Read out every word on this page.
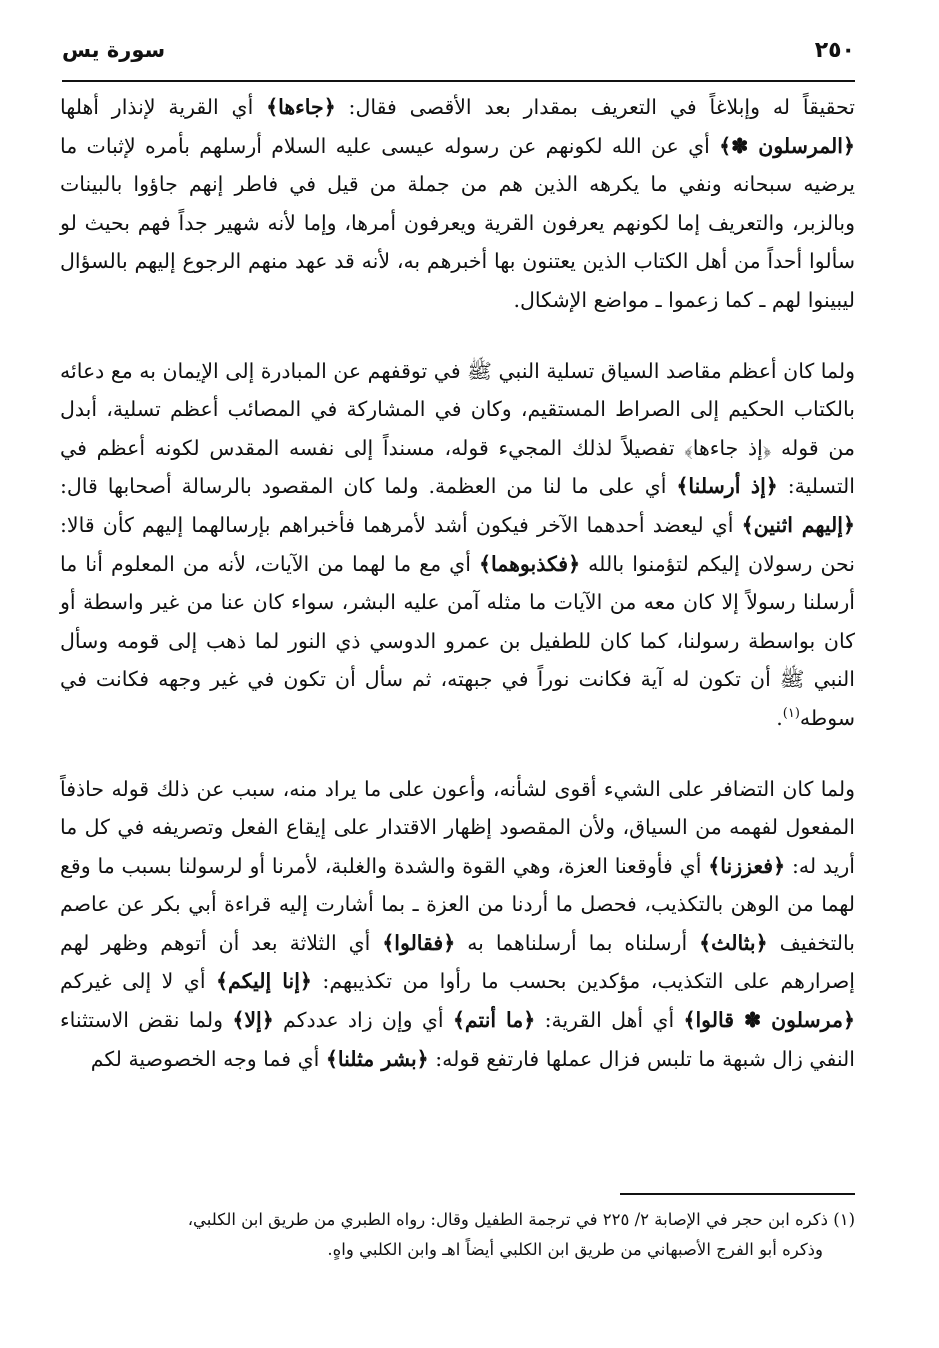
٢٥٠
سورة يس

تحقيقاً له وإبلاغاً في التعريف بمقدار بعد الأقصى فقال: ﴿جاءها﴾ أي القرية لإنذار أهلها ﴿المرسلون ✽﴾ أي عن الله لكونهم عن رسوله عيسى عليه السلام أرسلهم بأمره لإثبات ما يرضيه سبحانه ونفي ما يكرهه الذين هم من جملة من قيل في فاطر إنهم جاؤوا بالبينات وبالزبر، والتعريف إما لكونهم يعرفون القرية ويعرفون أمرها، وإما لأنه شهير جداً فهم بحيث لو سألوا أحداً من أهل الكتاب الذين يعتنون بها أخبرهم به، لأنه قد عهد منهم الرجوع إليهم بالسؤال ليبينوا لهم ـ كما زعموا ـ مواضع الإشكال.

ولما كان أعظم مقاصد السياق تسلية النبي ﷺ في توقفهم عن المبادرة إلى الإيمان به مع دعائه بالكتاب الحكيم إلى الصراط المستقيم، وكان في المشاركة في المصائب أعظم تسلية، أبدل من قوله ﴿إذ جاءها﴾ تفصيلاً لذلك المجيء قوله، مسنداً إلى نفسه المقدس لكونه أعظم في التسلية: ﴿إذ أرسلنا﴾ أي على ما لنا من العظمة. ولما كان المقصود بالرسالة أصحابها قال: ﴿إليهم اثنين﴾ أي ليعضد أحدهما الآخر فيكون أشد لأمرهما فأخبراهم بإرسالهما إليهم كأن قالا: نحن رسولان إليكم لتؤمنوا بالله ﴿فكذبوهما﴾ أي مع ما لهما من الآيات، لأنه من المعلوم أنا ما أرسلنا رسولاً إلا كان معه من الآيات ما مثله آمن عليه البشر، سواء كان عنا من غير واسطة أو كان بواسطة رسولنا، كما كان للطفيل بن عمرو الدوسي ذي النور لما ذهب إلى قومه وسأل النبي ﷺ أن تكون له آية فكانت نوراً في جبهته، ثم سأل أن تكون في غير وجهه فكانت في سوطه$^{(١)}$.

ولما كان التضافر على الشيء أقوى لشأنه، وأعون على ما يراد منه، سبب عن ذلك قوله حاذفاً المفعول لفهمه من السياق، ولأن المقصود إظهار الاقتدار على إيقاع الفعل وتصريفه في كل ما أريد له: ﴿فعززنا﴾ أي فأوقعنا العزة، وهي القوة والشدة والغلبة، لأمرنا أو لرسولنا بسبب ما وقع لهما من الوهن بالتكذيب، فحصل ما أردنا من العزة ـ بما أشارت إليه قراءة أبي بكر عن عاصم بالتخفيف ﴿بثالث﴾ أرسلناه بما أرسلناهما به ﴿فقالوا﴾ أي الثلاثة بعد أن أتوهم وظهر لهم إصرارهم على التكذيب، مؤكدين بحسب ما رأوا من تكذيبهم: ﴿إنا إليكم﴾ أي لا إلى غيركم ﴿مرسلون ✽ قالوا﴾ أي أهل القرية: ﴿ما أنتم﴾ أي وإن زاد عددكم ﴿إلا﴾ ولما نقض الاستثناء النفي زال شبهة ما تلبس فزال عملها فارتفع قوله: ﴿بشر مثلنا﴾ أي فما وجه الخصوصية لكم

(١) ذكره ابن حجر في الإصابة ٢/ ٢٢٥ في ترجمة الطفيل وقال: رواه الطبري من طريق ابن الكلبي،
وذكره أبو الفرج الأصبهاني من طريق ابن الكلبي أيضاً اهـ وابن الكلبي واهٍ.
